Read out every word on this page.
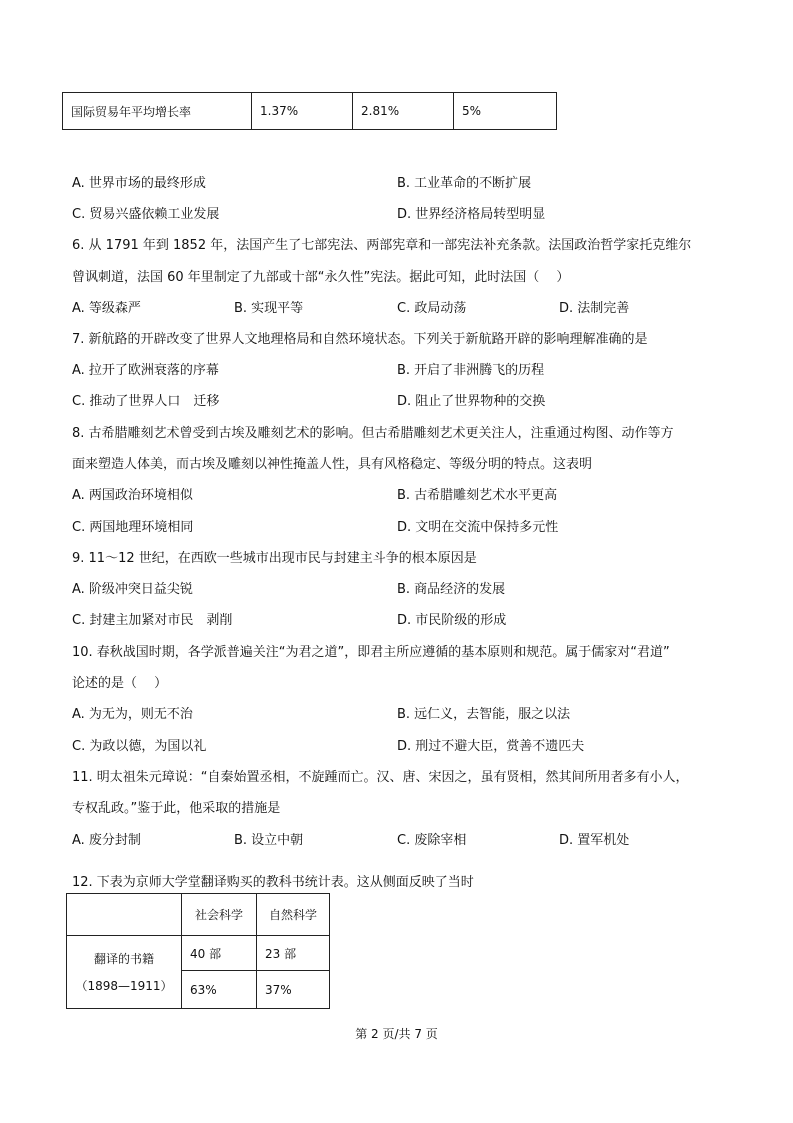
国际贸易年平均增长率	1.37%	2.81%	5%
A. 世界市场的最终形成	B. 工业革命的不断扩展
C. 贸易兴盛依赖工业发展	D. 世界经济格局转型明显
6. 从 1791 年到 1852 年，法国产生了七部宪法、两部宪章和一部宪法补充条款。法国政治哲学家托克维尔
曾讽刺道，法国 60 年里制定了九部或十部“永久性”宪法。据此可知，此时法国（　 ）
A. 等级森严	B. 实现平等	C. 政局动荡	D. 法制完善
7. 新航路的开辟改变了世界人文地理格局和自然环境状态。下列关于新航路开辟的影响理解准确的是
A. 拉开了欧洲衰落的序幕	B. 开启了非洲腾飞的历程
C. 推动了世界人口　迁移	D. 阻止了世界物种的交换
8. 古希腊雕刻艺术曾受到古埃及雕刻艺术的影响。但古希腊雕刻艺术更关注人，注重通过构图、动作等方
面来塑造人体美，而古埃及雕刻以神性掩盖人性，具有风格稳定、等级分明的特点。这表明
A. 两国政治环境相似	B. 古希腊雕刻艺术水平更高
C. 两国地理环境相同	D. 文明在交流中保持多元性
9. 11～12 世纪，在西欧一些城市出现市民与封建主斗争的根本原因是
A. 阶级冲突日益尖锐	B. 商品经济的发展
C. 封建主加紧对市民　剥削	D. 市民阶级的形成
10. 春秋战国时期，各学派普遍关注“为君之道”，即君主所应遵循的基本原则和规范。属于儒家对“君道”
论述的是（　 ）
A. 为无为，则无不治	B. 远仁义，去智能，服之以法
C. 为政以德，为国以礼	D. 刑过不避大臣，赏善不遗匹夫
11. 明太祖朱元璋说：“自秦始置丞相，不旋踵而亡。汉、唐、宋因之，虽有贤相，然其间所用者多有小人，
专权乱政。”鉴于此，他采取的措施是
A. 废分封制	B. 设立中朝	C. 废除宰相	D. 置军机处
12. 下表为京师大学堂翻译购买的教科书统计表。这从侧面反映了当时
	社会科学	自然科学

翻译的书籍
（1898—1911）	40 部	23 部
	63%	37%
第 2 页/共 7 页
